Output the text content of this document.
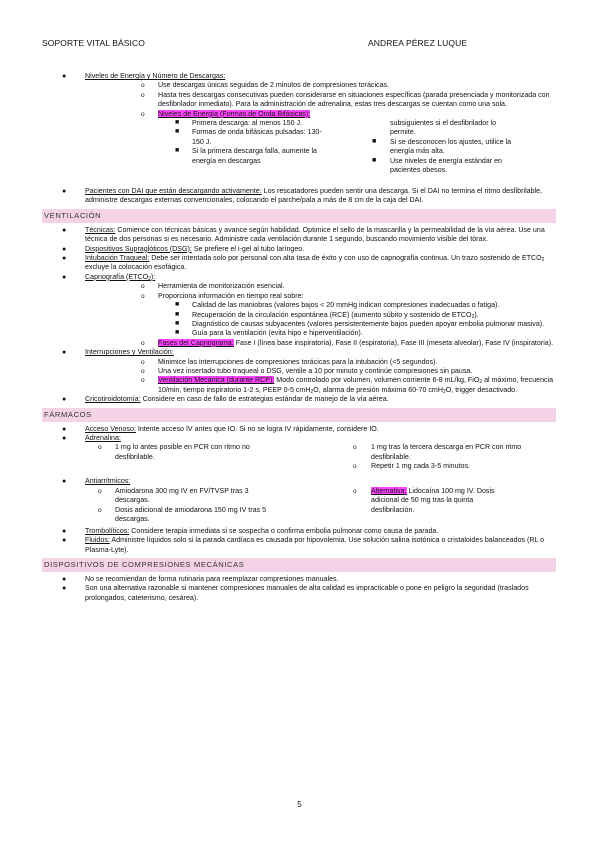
SOPORTE VITAL BÁSICO	ANDREA PÉREZ LUQUE
●	Niveles de Energía y Número de Descargas:
o Use descargas únicas seguidas de 2 minutos de compresiones torácicas.
o Hasta tres descargas consecutivas pueden considerarse en situaciones específicas (parada presenciada y monitorizada con desfibrilador inmediato). Para la administración de adrenalina, estas tres descargas se cuentan como una sola.
o Niveles de Energía (Formas de Onda Bifásicas):
■ Primera descarga: al menos 150 J.
■ Formas de onda bifásicas pulsadas: 130-150 J.
■ Si la primera descarga falla, aumente la energía en descargas
subsiguientes si el desfibrilador lo permite.
■ Si se desconocen los ajustes, utilice la energía más alta.
■ Use niveles de energía estándar en pacientes obesos.
●	Pacientes con DAI que están descargando activamente: Los rescatadores pueden sentir una descarga. Si el DAI no termina el ritmo desfibrilable, administre descargas externas convencionales, colocando el parche/pala a más de 8 cm de la caja del DAI.
VENTILACIÓN
●	Técnicas: Comience con técnicas básicas y avance según habilidad. Optimice el sello de la mascarilla y la permeabilidad de la vía aérea. Use una técnica de dos personas si es necesario. Administre cada ventilación durante 1 segundo, buscando movimiento visible del tórax.
●	Dispositivos Supraglóticos (DSG): Se prefiere el i-gel al tubo laríngeo.
●	Intubación Traqueal: Debe ser intentada solo por personal con alta tasa de éxito y con uso de capnografía continua. Un trazo sostenido de $ETCO_2$ excluye la colocación esofágica.
●	Capnografía $(ETCO_2)$:
o Herramienta de monitorización esencial.
o Proporciona información en tiempo real sobre:
■ Calidad de las maniobras (valores bajos < 20 mmHg indican compresiones inadecuadas o fatiga).
■ Recuperación de la circulación espontánea (RCE) (aumento súbito y sostenido de $ETCO_2$).
■ Diagnóstico de causas subyacentes (valores persistentemente bajos pueden apoyar embolia pulmonar masiva).
■ Guía para la ventilación (evita hipo e hiperventilación).
o Fases del Capnograma: Fase I (línea base inspiratoria), Fase II (espiratoria), Fase III (meseta alveolar), Fase IV (inspiratoria).
●	Interrupciones y Ventilación:
o Minimice las interrupciones de compresiones torácicas para la intubación (<5 segundos).
o Una vez insertado tubo traqueal o DSG, ventile a 10 por minuto y continúe compresiones sin pausa.
o Ventilación Mecánica (durante RCP): Modo controlado por volumen, volumen corriente 6-8 mL/kg, FiO$_2$ al máximo, frecuencia 10/min, tiempo inspiratorio 1-2 s, PEEP 0-5 cmH$_2$O, alarma de presión máxima 60-70 cmH$_2$O, trigger desactivado.
●	Cricotiroidotomía: Considere en caso de fallo de estrategias estándar de manejo de la vía aérea.
FÁRMACOS
●	Acceso Venoso: Intente acceso IV antes que IO. Si no se logra IV rápidamente, considere IO.
●	Adrenalina:
o 1 mg lo antes posible en PCR con ritmo no desfibrilable.
o 1 mg tras la tercera descarga en PCR con ritmo desfibrilable.
o Repetir 1 mg cada 3-5 minutos.
●	Antiarrítmicos:
o Amiodarona 300 mg IV en FV/TVSP tras 3 descargas.
o Dosis adicional de amiodarona 150 mg IV tras 5 descargas.
o Alternativa: Lidocaína 100 mg IV. Dosis adicional de 50 mg tras la quinta desfibrilación.
●	Trombolíticos: Considere terapia inmediata si se sospecha o confirma embolia pulmonar como causa de parada.
●	Fluidos: Administre líquidos solo si la parada cardíaca es causada por hipovolemia. Use solución salina isotónica o cristaloides balanceados (RL o Plasma-Lyte).
DISPOSITIVOS DE COMPRESIONES MECÁNICAS
●	No se recomiendan de forma rutinaria para reemplazar compresiones manuales.
●	Son una alternativa razonable si mantener compresiones manuales de alta calidad es impracticable o pone en peligro la seguridad (traslados prolongados, cateterismo, cesárea).
5
